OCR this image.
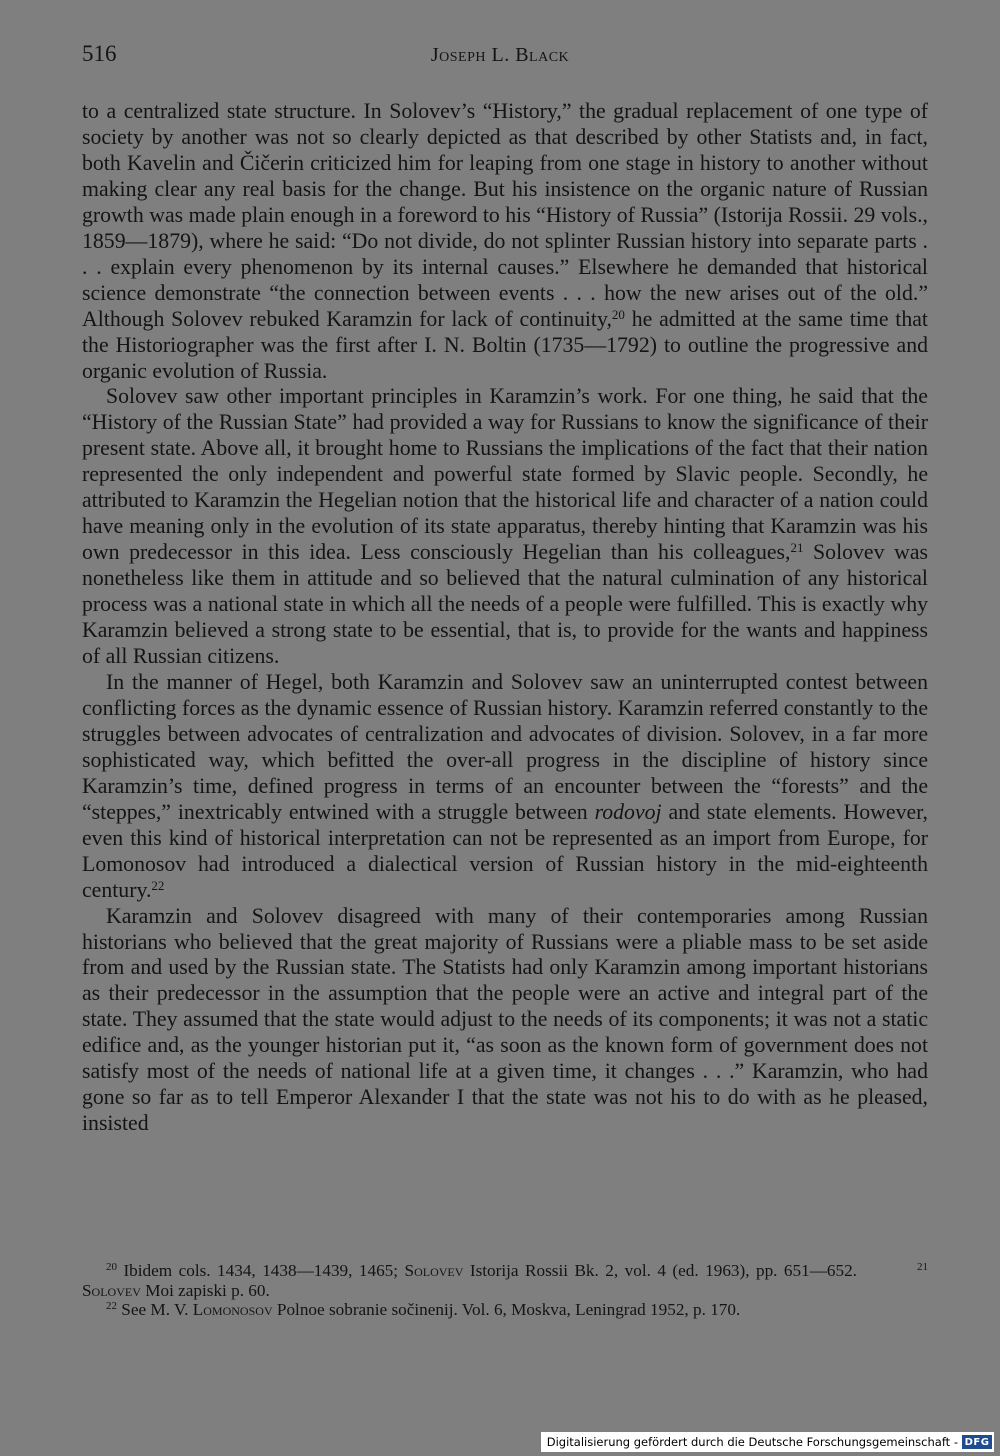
516	Joseph L. Black

to a centralized state structure. In Solovev’s “History,” the gradual replacement of one type of society by another was not so clearly depicted as that described by other Statists and, in fact, both Kavelin and Čičerin criticized him for leaping from one stage in history to another without making clear any real basis for the change. But his insistence on the organic nature of Russian growth was made plain enough in a foreword to his “History of Russia” (Istorija Rossii. 29 vols., 1859—1879), where he said: “Do not divide, do not splinter Russian history into separate parts . . . explain every phenomenon by its internal causes.” Elsewhere he demanded that historical science demonstrate “the connection between events . . . how the new arises out of the old.” Although Solovev rebuked Karamzin for lack of continuity,$^{20}$ he admitted at the same time that the Historiographer was the first after I. N. Boltin (1735—1792) to outline the progressive and organic evolution of Russia.

Solovev saw other important principles in Karamzin’s work. For one thing, he said that the “History of the Russian State” had provided a way for Russians to know the significance of their present state. Above all, it brought home to Russians the implications of the fact that their nation represented the only independent and powerful state formed by Slavic people. Secondly, he attributed to Karamzin the Hegelian notion that the historical life and character of a nation could have meaning only in the evolution of its state apparatus, thereby hinting that Karamzin was his own predecessor in this idea. Less consciously Hegelian than his colleagues,$^{21}$ Solovev was nonetheless like them in attitude and so believed that the natural culmination of any historical process was a national state in which all the needs of a people were fulfilled. This is exactly why Karamzin believed a strong state to be essential, that is, to provide for the wants and happiness of all Russian citizens.

In the manner of Hegel, both Karamzin and Solovev saw an uninterrupted contest between conflicting forces as the dynamic essence of Russian history. Karamzin referred constantly to the struggles between advocates of centralization and advocates of division. Solovev, in a far more sophisticated way, which befitted the over-all progress in the discipline of history since Karamzin’s time, defined progress in terms of an encounter between the “forests” and the “steppes,” inextricably entwined with a struggle between rodovoj and state elements. However, even this kind of historical interpretation can not be represented as an import from Europe, for Lomonosov had introduced a dialectical version of Russian history in the mid-eighteenth century.$^{22}$

Karamzin and Solovev disagreed with many of their contemporaries among Russian historians who believed that the great majority of Russians were a pliable mass to be set aside from and used by the Russian state. The Statists had only Karamzin among important historians as their predecessor in the assumption that the people were an active and integral part of the state. They assumed that the state would adjust to the needs of its components; it was not a static edifice and, as the younger historian put it, “as soon as the known form of government does not satisfy most of the needs of national life at a given time, it changes . . .” Karamzin, who had gone so far as to tell Emperor Alexander I that the state was not his to do with as he pleased, insisted

$^{20}$ Ibidem cols. 1434, 1438—1439, 1465; Solovev Istorija Rossii Bk. 2, vol. 4 (ed. 1963), pp. 651—652.	$^{21}$ Solovev Moi zapiski p. 60.

$^{22}$ See M. V. Lomonosov Polnoe sobranie sočinenij. Vol. 6, Moskva, Leningrad 1952, p. 170.

Digitalisierung gefördert durch die Deutsche Forschungsgemeinschaft - DFG
